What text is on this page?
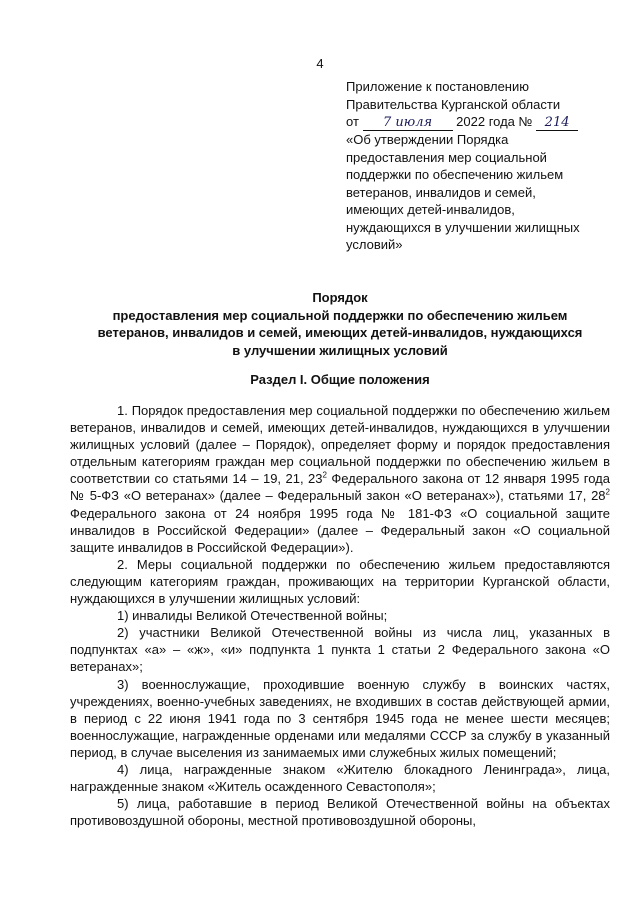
4
Приложение к постановлению
Правительства Курганской области
от 7 июля 2022 года № 214
«Об утверждении Порядка
предоставления мер социальной
поддержки по обеспечению жильем
ветеранов, инвалидов и семей,
имеющих детей-инвалидов,
нуждающихся в улучшении жилищных
условий»
Порядок
предоставления мер социальной поддержки по обеспечению жильем
ветеранов, инвалидов и семей, имеющих детей-инвалидов, нуждающихся
в улучшении жилищных условий
Раздел I. Общие положения

1. Порядок предоставления мер социальной поддержки по обеспечению жильем ветеранов, инвалидов и семей, имеющих детей-инвалидов, нуждающихся в улучшении жилищных условий (далее – Порядок), определяет форму и порядок предоставления отдельным категориям граждан мер социальной поддержки по обеспечению жильем в соответствии со статьями 14 – 19, 21, $23^2$ Федерального закона от 12 января 1995 года № 5-ФЗ «О ветеранах» (далее – Федеральный закон «О ветеранах»), статьями 17, $28^2$ Федерального закона от 24 ноября 1995 года № 181-ФЗ «О социальной защите инвалидов в Российской Федерации» (далее – Федеральный закон «О социальной защите инвалидов в Российской Федерации»).

2. Меры социальной поддержки по обеспечению жильем предоставляются следующим категориям граждан, проживающих на территории Курганской области, нуждающихся в улучшении жилищных условий:

1) инвалиды Великой Отечественной войны;

2) участники Великой Отечественной войны из числа лиц, указанных в подпунктах «а» – «ж», «и» подпункта 1 пункта 1 статьи 2 Федерального закона «О ветеранах»;

3) военнослужащие, проходившие военную службу в воинских частях, учреждениях, военно-учебных заведениях, не входивших в состав действующей армии, в период с 22 июня 1941 года по 3 сентября 1945 года не менее шести месяцев; военнослужащие, награжденные орденами или медалями СССР за службу в указанный период, в случае выселения из занимаемых ими служебных жилых помещений;

4) лица, награжденные знаком «Жителю блокадного Ленинграда», лица, награжденные знаком «Житель осажденного Севастополя»;

5) лица, работавшие в период Великой Отечественной войны на объектах противовоздушной обороны, местной противовоздушной обороны,
